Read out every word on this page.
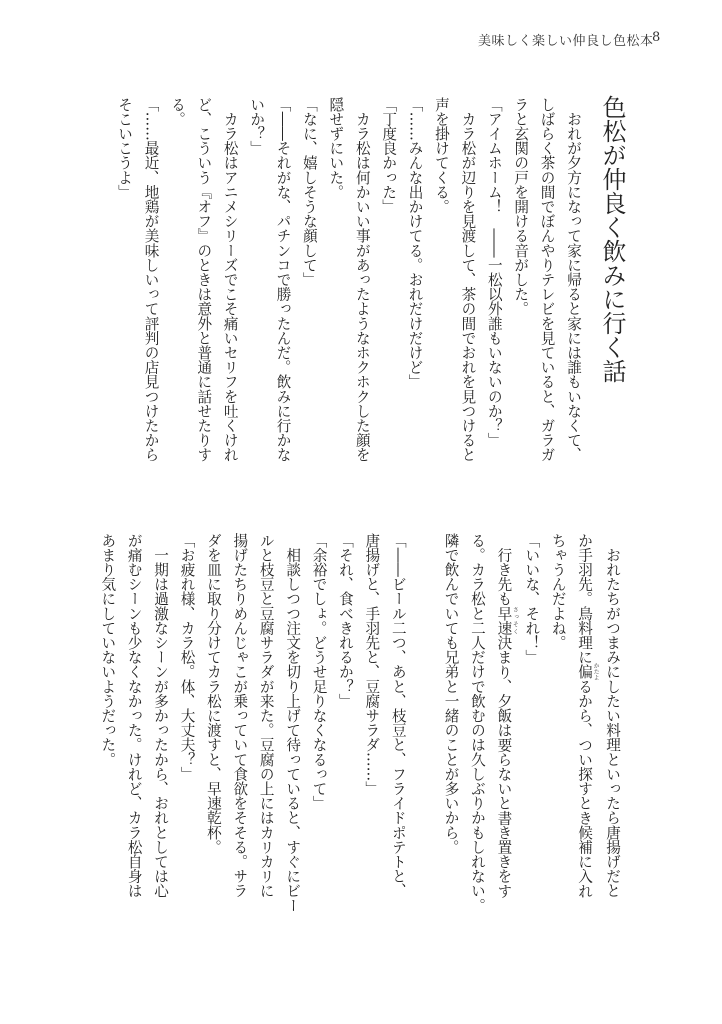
美味しく楽しい仲良し色松本
8
色松が仲良く飲みに行く話
　おれが夕方になって家に帰ると家には誰もいなくて、
しばらく茶の間でぼんやりテレビを見ていると、ガラガ
ラと玄関の戸を開ける音がした。
「アイムホーム！　――一松以外誰もいないのか？」
　カラ松が辺りを見渡して、茶の間でおれを見つけると
声を掛けてくる。
「……みんな出かけてる。おれだけだけど」
「丁度良かった」
　カラ松は何かいい事があったようなホクホクした顔を
隠せずにいた。
「なに、嬉しそうな顔して」
「――それがな、パチンコで勝ったんだ。飲みに行かな
いか？」
　カラ松はアニメシリーズでこそ痛いセリフを吐くけれ
ど、こういう『オフ』のときは意外と普通に話せたりす
る。
「……最近、地鶏が美味しいって評判の店見つけたから
そこいこうよ」
　おれたちがつまみにしたい料理といったら唐揚げだと
か手羽先。鳥料理に偏 かたよるから、つい探すとき候補に入れ
ちゃうんだよね。
「いいな、それ！」
　行き先も早速 さっそく決まり、夕飯は要らないと書き置きをす
る。カラ松と二人だけで飲むのは久しぶりかもしれない。
隣で飲んでいても兄弟と一緒のことが多いから。

「――ビール二つ、あと、枝豆と、フライドポテトと、
唐揚げと、手羽先と、豆腐サラダ……」
「それ、食べきれるか？」
「余裕でしょ。どうせ足りなくなるって」
　相談しつつ注文を切り上げて待っていると、すぐにビー
ルと枝豆と豆腐サラダが来た。豆腐の上にはカリカリに
揚げたちりめんじゃこが乗っていて食欲をそそる。サラ
ダを皿に取り分けてカラ松に渡すと、早速乾杯。
「お疲れ様、カラ松。体、大丈夫？」
　一期は過激なシーンが多かったから、おれとしては心
が痛むシーンも少なくなかった。けれど、カラ松自身は
あまり気にしていないようだった。
